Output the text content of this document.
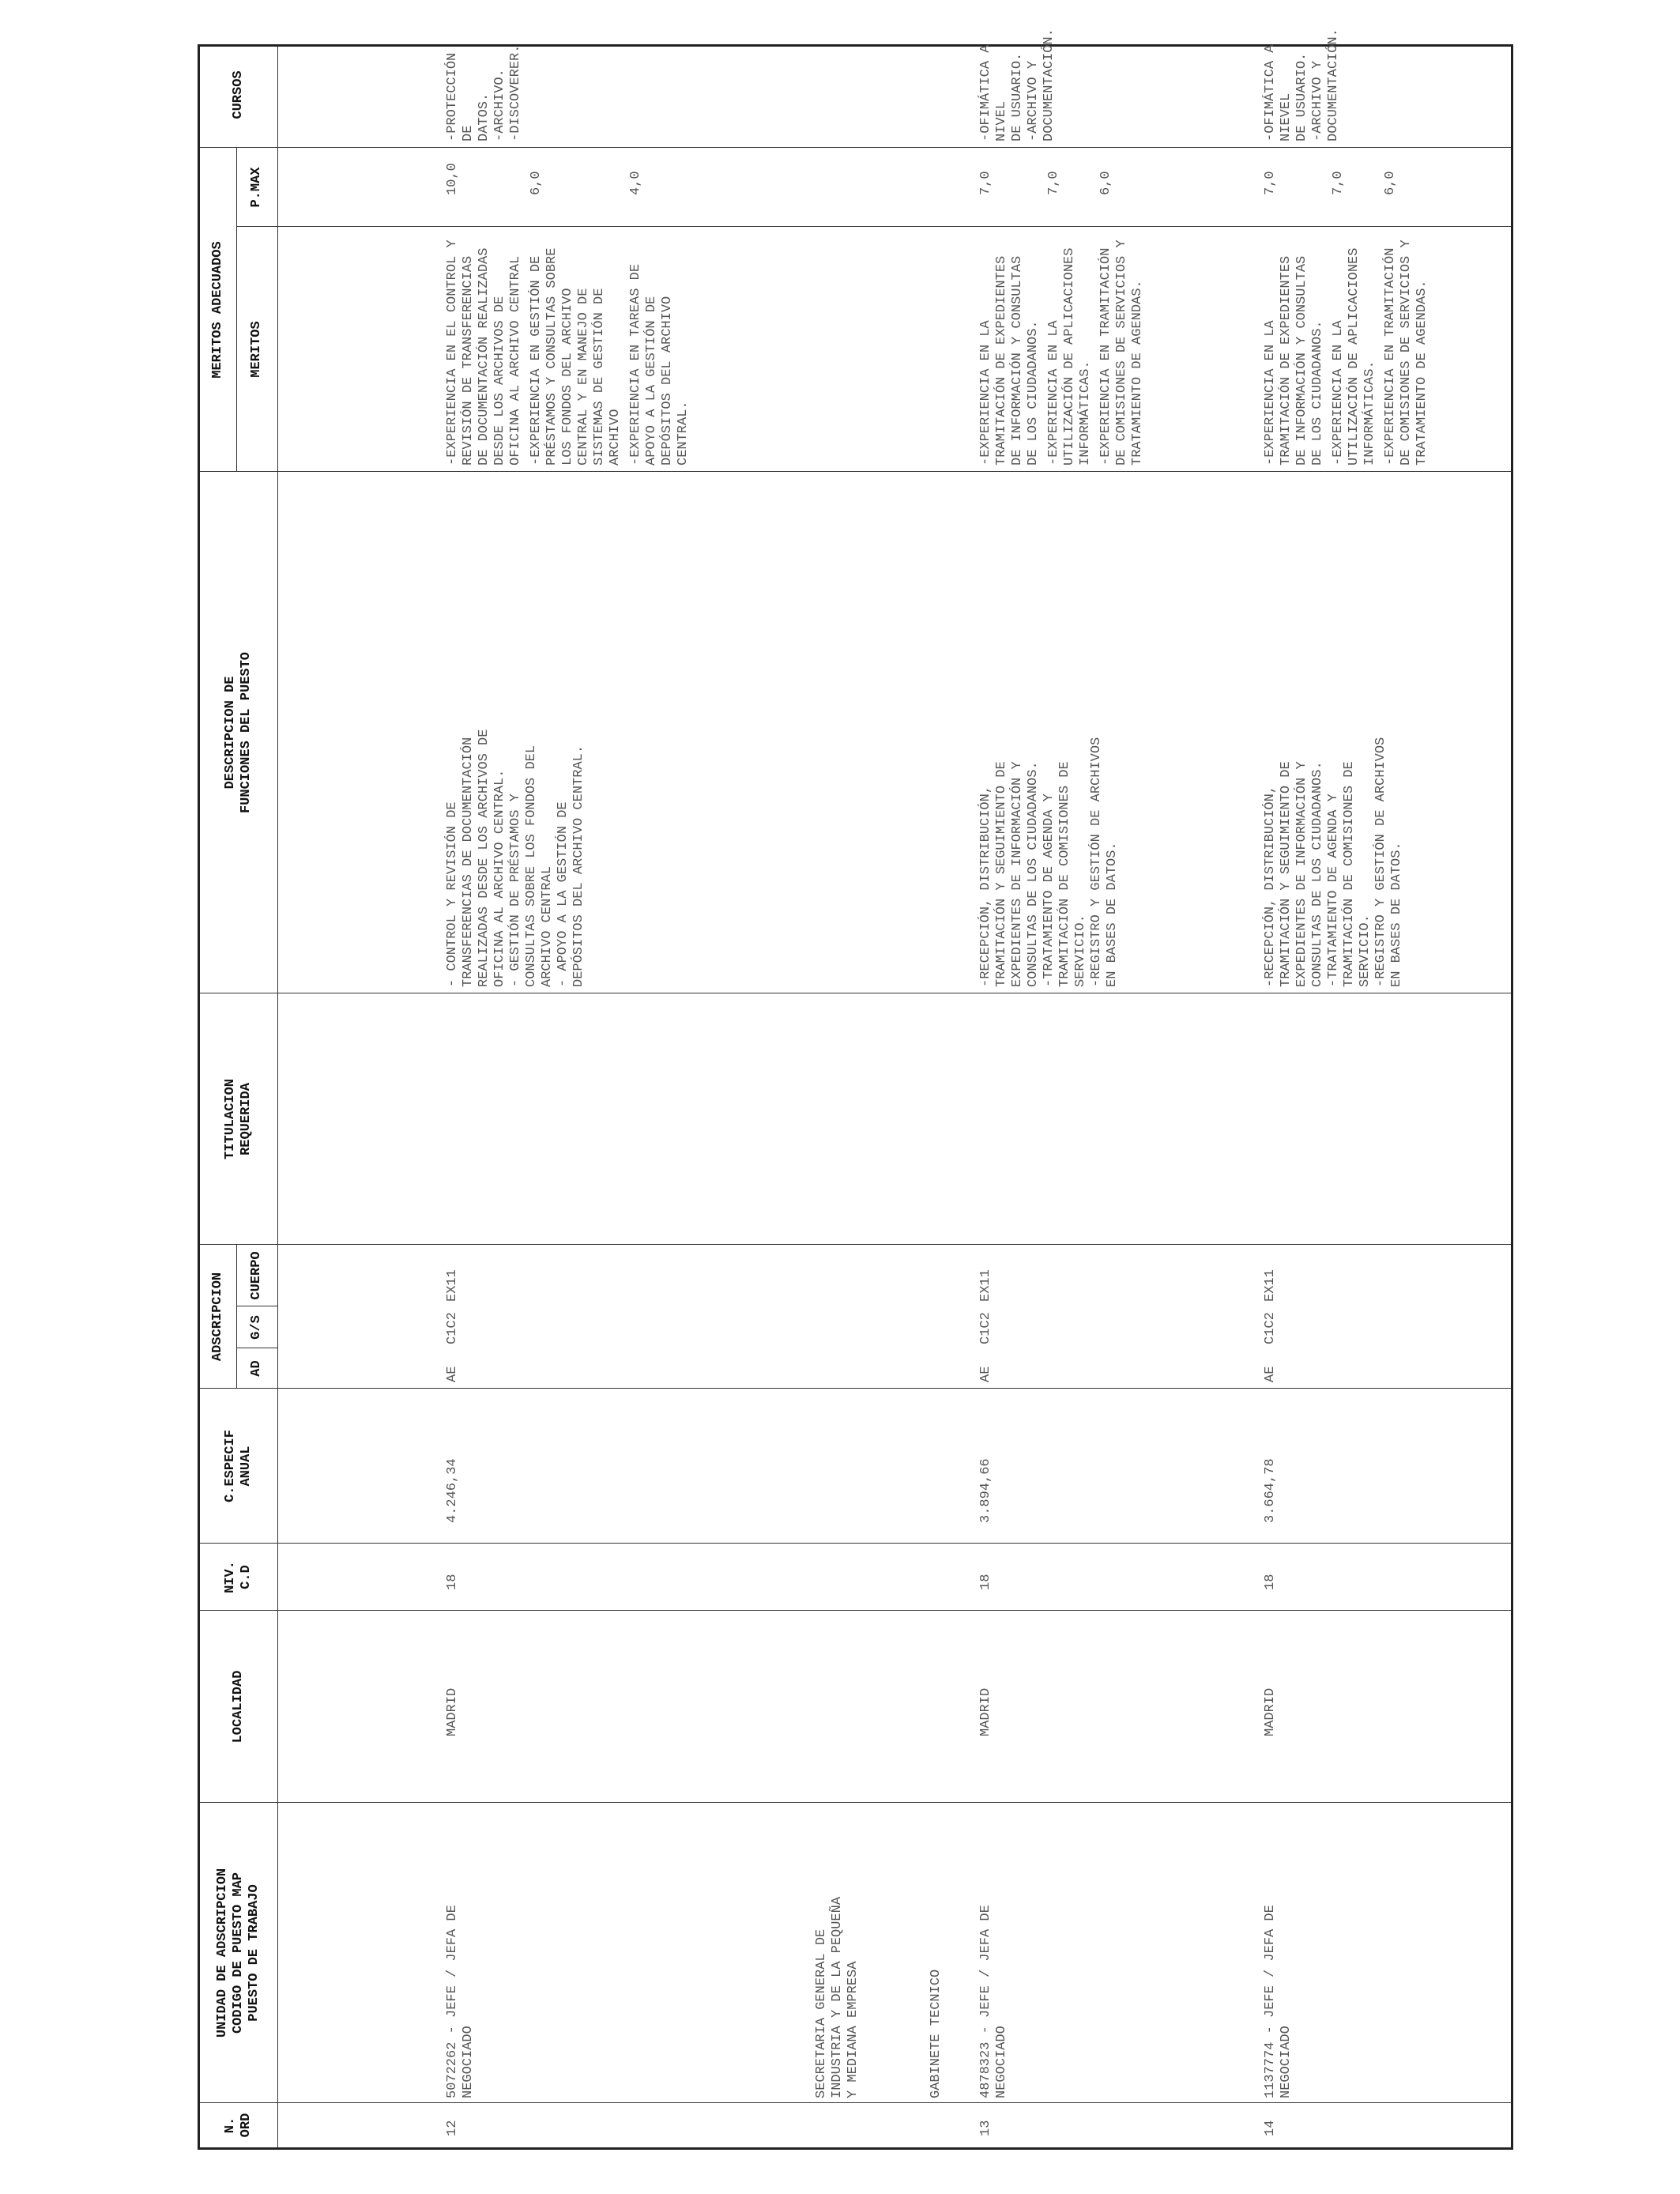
N.
ORD
UNIDAD DE ADSCRIPCION
CODIGO DE PUESTO MAP
PUESTO DE TRABAJO
LOCALIDAD
NIV.
C.D
C.ESPECIF
ANUAL
ADSCRIPCION
AD
G/S
CUERPO
TITULACION
REQUERIDA
DESCRIPCION DE
FUNCIONES DEL PUESTO
MERITOS ADECUADOS
P.MAX
MERITOS
CURSOS
SECRETARIA GENERAL DE
INDUSTRIA Y DE LA PEQUEÑA
Y MEDIANA EMPRESA	GABINETE TECNICO
12
5072262 - JEFE / JEFA DE
NEGOCIADO
MADRID
18
4.246,34
AE
C1C2
EX11
- CONTROL Y REVISIÓN DE
TRANSFERENCIAS DE DOCUMENTACIÓN
REALIZADAS DESDE LOS ARCHIVOS DE
OFICINA AL ARCHIVO CENTRAL.
- GESTIÓN DE PRÉSTAMOS Y
CONSULTAS SOBRE LOS FONDOS DEL
ARCHIVO CENTRAL
- APOYO A LA GESTIÓN DE
DEPÓSITOS DEL ARCHIVO CENTRAL.
-EXPERIENCIA EN EL CONTROL Y
REVISIÓN DE TRANSFERENCIAS
DE DOCUMENTACIÓN REALIZADAS
DESDE LOS ARCHIVOS DE
OFICINA AL ARCHIVO CENTRAL
10,0
-EXPERIENCIA EN GESTIÓN DE
PRÉSTAMOS Y CONSULTAS SOBRE
LOS FONDOS DEL ARCHIVO
CENTRAL Y EN MANEJO DE
SISTEMAS DE GESTIÓN DE
ARCHIVO
6,0
-EXPERIENCIA EN TAREAS DE
APOYO A LA GESTIÓN DE
DEPÓSITOS DEL ARCHIVO
CENTRAL.
4,0
-PROTECCIÓN DE
DATOS.
-ARCHIVO.
-DISCOVERER.
13
4878323 - JEFE / JEFA DE
NEGOCIADO
MADRID
18
3.894,66
AE
C1C2
EX11
-RECEPCIÓN, DISTRIBUCIÓN,
TRAMITACIÓN Y SEGUIMIENTO DE
EXPEDIENTES DE INFORMACIÓN Y
CONSULTAS DE LOS CIUDADANOS.
-TRATAMIENTO DE AGENDA Y
TRAMITACIÓN DE COMISIONES DE
SERVICIO.
-REGISTRO Y GESTIÓN DE ARCHIVOS
EN BASES DE DATOS.
-EXPERIENCIA EN LA
TRAMITACIÓN DE EXPEDIENTES
DE INFORMACIÓN Y CONSULTAS
DE LOS CIUDADANOS.
7,0
-EXPERIENCIA EN LA
UTILIZACIÓN DE APLICACIONES
INFORMÁTICAS.
7,0
-EXPERIENCIA EN TRAMITACIÓN
DE COMISIONES DE SERVICIOS Y
TRATAMIENTO DE AGENDAS.
6,0
-OFIMÁTICA A NIVEL
DE USUARIO.
-ARCHIVO Y
DOCUMENTACIÓN.
14
1137774 - JEFE / JEFA DE
NEGOCIADO
MADRID
18
3.664,78
AE
C1C2
EX11
-RECEPCIÓN, DISTRIBUCIÓN,
TRAMITACIÓN Y SEGUIMIENTO DE
EXPEDIENTES DE INFORMACIÓN Y
CONSULTAS DE LOS CIUDADANOS.
-TRATAMIENTO DE AGENDA Y
TRAMITACIÓN DE COMISIONES DE
SERVICIO.
-REGISTRO Y GESTIÓN DE ARCHIVOS
EN BASES DE DATOS.
-EXPERIENCIA EN LA
TRAMITACIÓN DE EXPEDIENTES
DE INFORMACIÓN Y CONSULTAS
DE LOS CIUDADANOS.
7,0
-EXPERIENCIA EN LA
UTILIZACIÓN DE APLICACIONES
INFORMÁTICAS.
7,0
-EXPERIENCIA EN TRAMITACIÓN
DE COMISIONES DE SERVICIOS Y
TRATAMIENTO DE AGENDAS.
6,0
-OFIMÁTICA A NIEVEL
DE USUARIO.
-ARCHIVO Y
DOCUMENTACIÓN.
